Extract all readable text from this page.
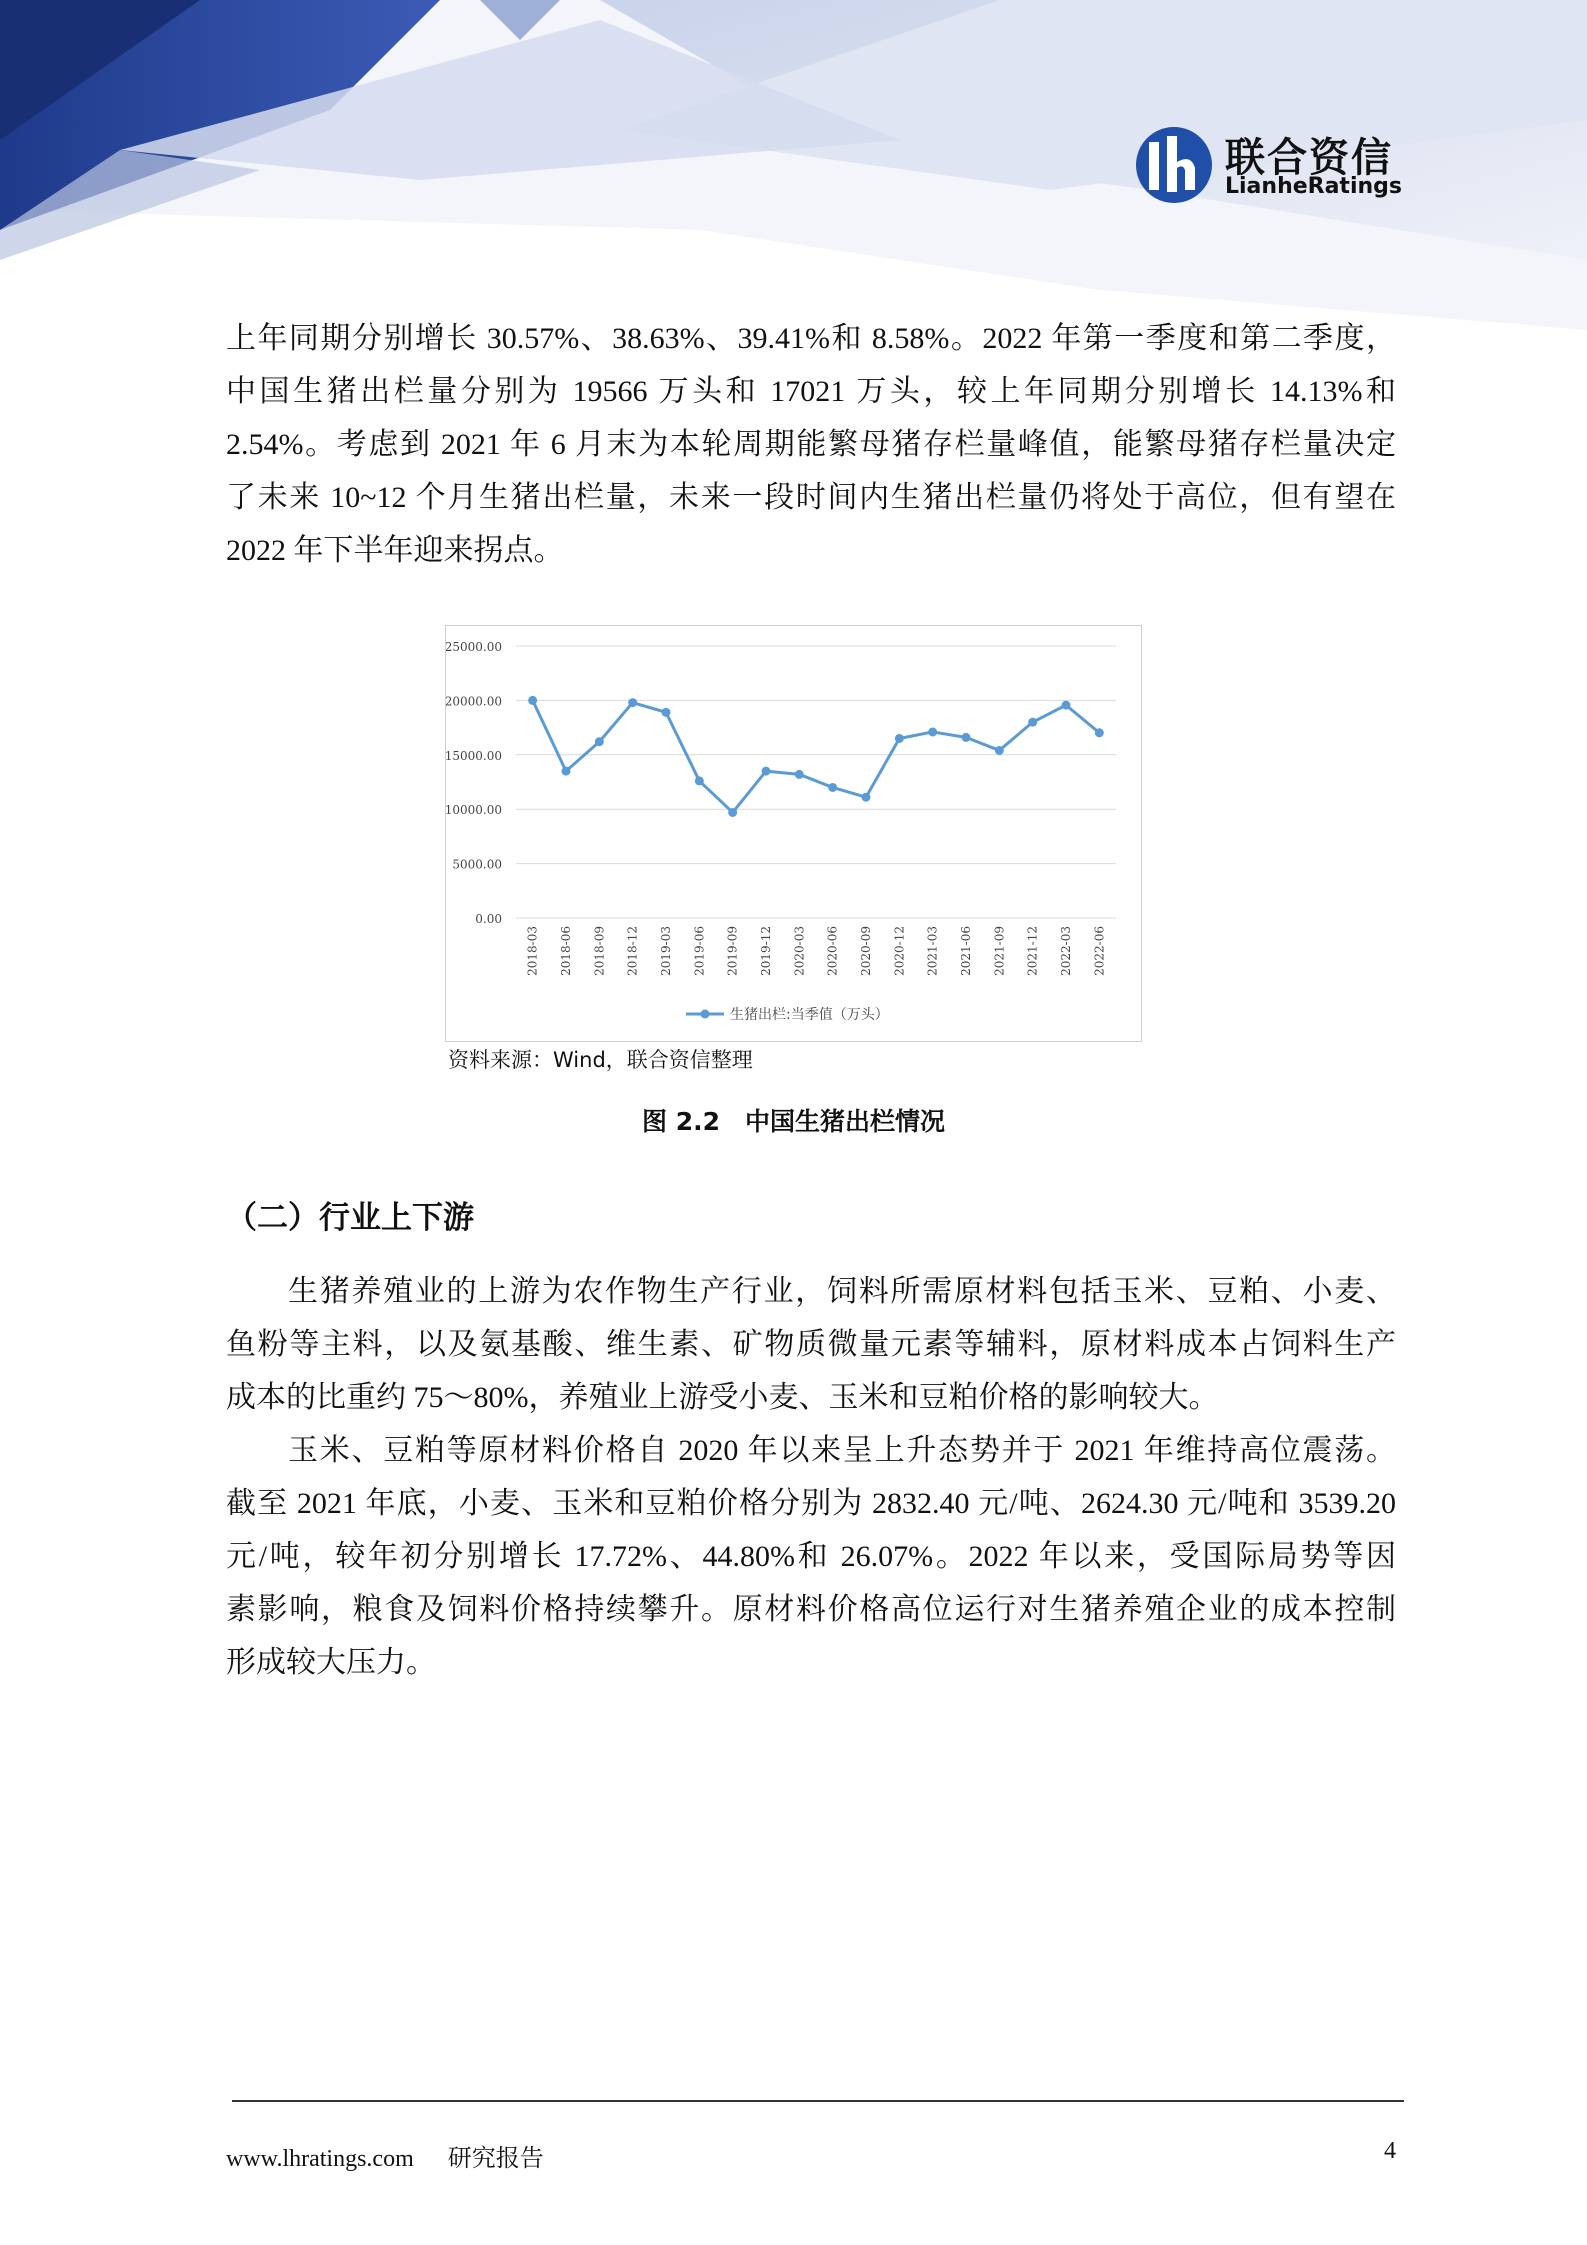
联合资信
LianheRatings

上年同期分别增长 30.57%、38.63%、39.41%和 8.58%。2022 年第一季度和第二季度，

中国生猪出栏量分别为 19566 万头和 17021 万头，较上年同期分别增长 14.13%和

2.54%。考虑到 2021 年 6 月末为本轮周期能繁母猪存栏量峰值，能繁母猪存栏量决定

了未来 10~12 个月生猪出栏量，未来一段时间内生猪出栏量仍将处于高位，但有望在

2022 年下半年迎来拐点。

0.00
5000.00
10000.00
15000.00
20000.00
25000.00
2018-03 2018-06 2018-09 2018-12 2019-03 2019-06 2019-09 2019-12 2020-03 2020-06 2020-09 2020-12 2021-03 2021-06 2021-09 2021-12 2022-03 2022-06
生猪出栏:当季值（万头）
资料来源：Wind，联合资信整理
图 2.2　中国生猪出栏情况
（二）行业上下游

生猪养殖业的上游为农作物生产行业，饲料所需原材料包括玉米、豆粕、小麦、

鱼粉等主料，以及氨基酸、维生素、矿物质微量元素等辅料，原材料成本占饲料生产

成本的比重约 75～80%，养殖业上游受小麦、玉米和豆粕价格的影响较大。

玉米、豆粕等原材料价格自 2020 年以来呈上升态势并于 2021 年维持高位震荡。

截至 2021 年底，小麦、玉米和豆粕价格分别为 2832.40 元/吨、2624.30 元/吨和 3539.20

元/吨，较年初分别增长 17.72%、44.80%和 26.07%。2022 年以来，受国际局势等因

素影响，粮食及饲料价格持续攀升。原材料价格高位运行对生猪养殖企业的成本控制

形成较大压力。

www.lhratings.com 研究报告	4
